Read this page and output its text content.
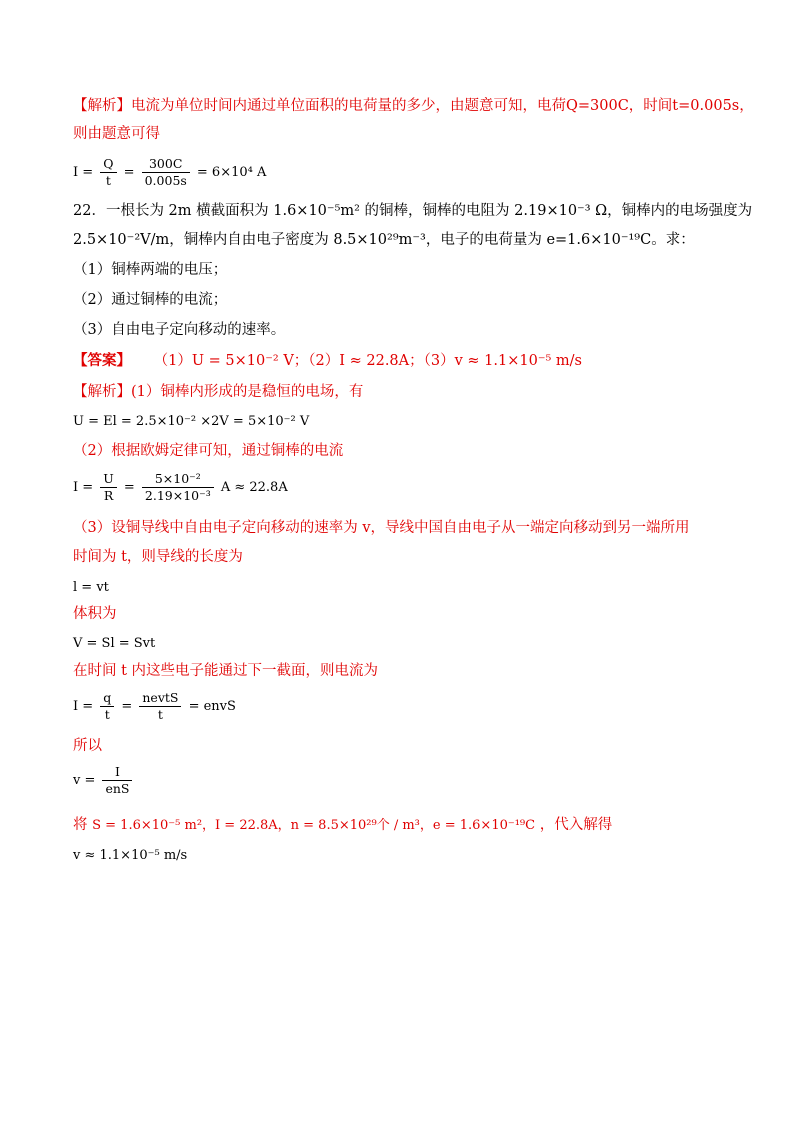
【解析】电流为单位时间内通过单位面积的电荷量的多少，由题意可知，电荷Q=300C，时间t=0.005s，
则由题意可得
$I = \frac{Q}{t} = \frac{300C}{0.005s} = 6\times 10^4$ A
22．一根长为 2m 横截面积为 1.6×10⁻⁵m² 的铜棒，铜棒的电阻为 2.19×10⁻³ Ω，铜棒内的电场强度为
2.5×10⁻²V/m，铜棒内自由电子密度为 8.5×10²⁹m⁻³，电子的电荷量为 e=1.6×10⁻¹⁹C。求：
（1）铜棒两端的电压；
（2）通过铜棒的电流；
（3）自由电子定向移动的速率。
【答案】 （1）U = 5×10⁻² V；（2）I ≈ 22.8A；（3）v ≈ 1.1×10⁻⁵ m/s
【解析】(1）铜棒内形成的是稳恒的电场，有
U = El = 2.5×10⁻² ×2V = 5×10⁻² V
（2）根据欧姆定律可知，通过铜棒的电流
$I = \frac{U}{R} = \frac{\text{5×10⁻²}}{\text{2.19×10⁻³}}$ A ≈ 22.8A
（3）设铜导线中自由电子定向移动的速率为 v，导线中国自由电子从一端定向移动到另一端所用
时间为 t，则导线的长度为
l = vt
体积为
V = Sl = Svt
在时间 t 内这些电子能通过下一截面，则电流为
$I = \frac{q}{t} = \frac{\text{nevtS}}{t}$ = envS
所以
$v = \frac{I}{\text{enS}}$
将 S = 1.6×10⁻⁵ m²，I = 22.8A，n = 8.5×10²⁹个 / m³，e = 1.6×10⁻¹⁹C ，代入解得
v ≈ 1.1×10⁻⁵ m/s
